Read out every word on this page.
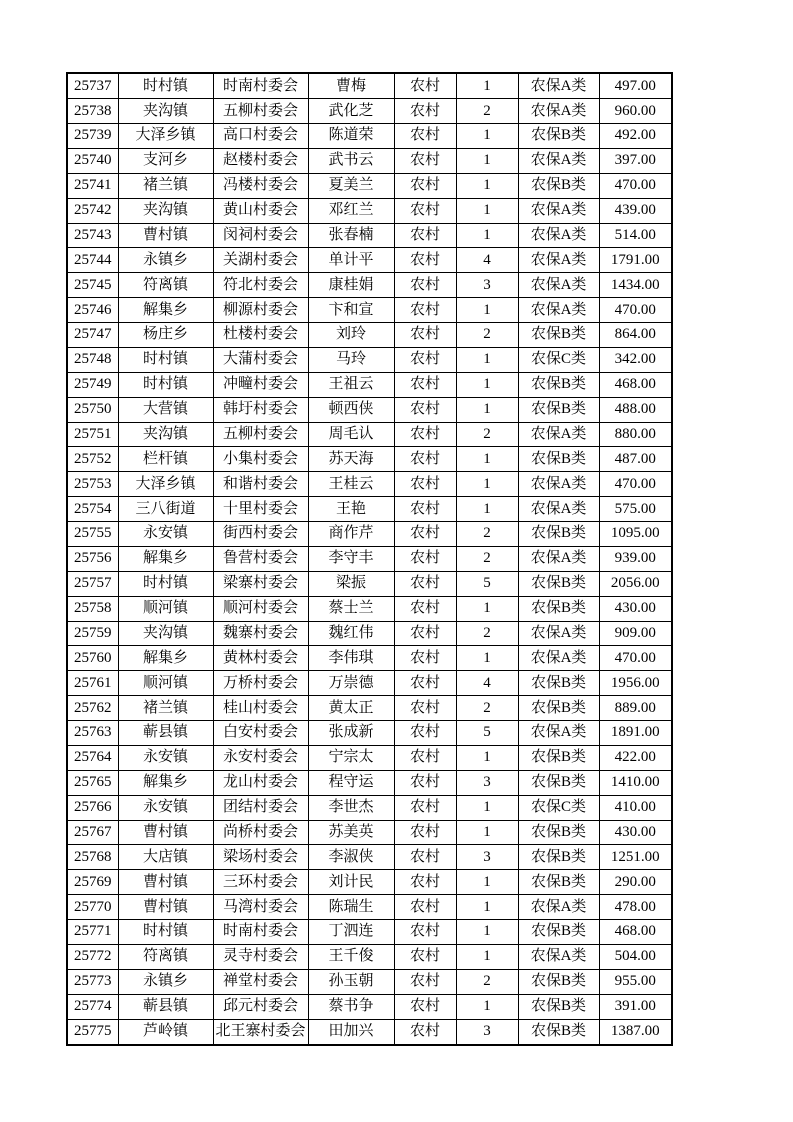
25737	时村镇	时南村委会	曹梅	农村	1	农保A类	497.00
25738	夹沟镇	五柳村委会	武化芝	农村	2	农保A类	960.00
25739	大泽乡镇	高口村委会	陈道荣	农村	1	农保B类	492.00
25740	支河乡	赵楼村委会	武书云	农村	1	农保A类	397.00
25741	褚兰镇	冯楼村委会	夏美兰	农村	1	农保B类	470.00
25742	夹沟镇	黄山村委会	邓红兰	农村	1	农保A类	439.00
25743	曹村镇	闵祠村委会	张春楠	农村	1	农保A类	514.00
25744	永镇乡	关湖村委会	单计平	农村	4	农保A类	1791.00
25745	符离镇	符北村委会	康桂娟	农村	3	农保A类	1434.00
25746	解集乡	柳源村委会	卞和宣	农村	1	农保A类	470.00
25747	杨庄乡	杜楼村委会	刘玲	农村	2	农保B类	864.00
25748	时村镇	大蒲村委会	马玲	农村	1	农保C类	342.00
25749	时村镇	冲疃村委会	王祖云	农村	1	农保B类	468.00
25750	大营镇	韩圩村委会	顿西侠	农村	1	农保B类	488.00
25751	夹沟镇	五柳村委会	周毛认	农村	2	农保A类	880.00
25752	栏杆镇	小集村委会	苏天海	农村	1	农保B类	487.00
25753	大泽乡镇	和谐村委会	王桂云	农村	1	农保A类	470.00
25754	三八街道	十里村委会	王艳	农村	1	农保A类	575.00
25755	永安镇	街西村委会	商作芹	农村	2	农保B类	1095.00
25756	解集乡	鲁营村委会	李守丰	农村	2	农保A类	939.00
25757	时村镇	梁寨村委会	梁振	农村	5	农保B类	2056.00
25758	顺河镇	顺河村委会	蔡士兰	农村	1	农保B类	430.00
25759	夹沟镇	魏寨村委会	魏红伟	农村	2	农保A类	909.00
25760	解集乡	黄林村委会	李伟琪	农村	1	农保A类	470.00
25761	顺河镇	万桥村委会	万崇德	农村	4	农保B类	1956.00
25762	褚兰镇	桂山村委会	黄太正	农村	2	农保B类	889.00
25763	蕲县镇	白安村委会	张成新	农村	5	农保A类	1891.00
25764	永安镇	永安村委会	宁宗太	农村	1	农保B类	422.00
25765	解集乡	龙山村委会	程守运	农村	3	农保B类	1410.00
25766	永安镇	团结村委会	李世杰	农村	1	农保C类	410.00
25767	曹村镇	尚桥村委会	苏美英	农村	1	农保B类	430.00
25768	大店镇	梁场村委会	李淑侠	农村	3	农保B类	1251.00
25769	曹村镇	三环村委会	刘计民	农村	1	农保B类	290.00
25770	曹村镇	马湾村委会	陈瑞生	农村	1	农保A类	478.00
25771	时村镇	时南村委会	丁泗连	农村	1	农保B类	468.00
25772	符离镇	灵寺村委会	王千俊	农村	1	农保A类	504.00
25773	永镇乡	禅堂村委会	孙玉朝	农村	2	农保B类	955.00
25774	蕲县镇	邱元村委会	蔡书争	农村	1	农保B类	391.00
25775	芦岭镇	北王寨村委会	田加兴	农村	3	农保B类	1387.00
